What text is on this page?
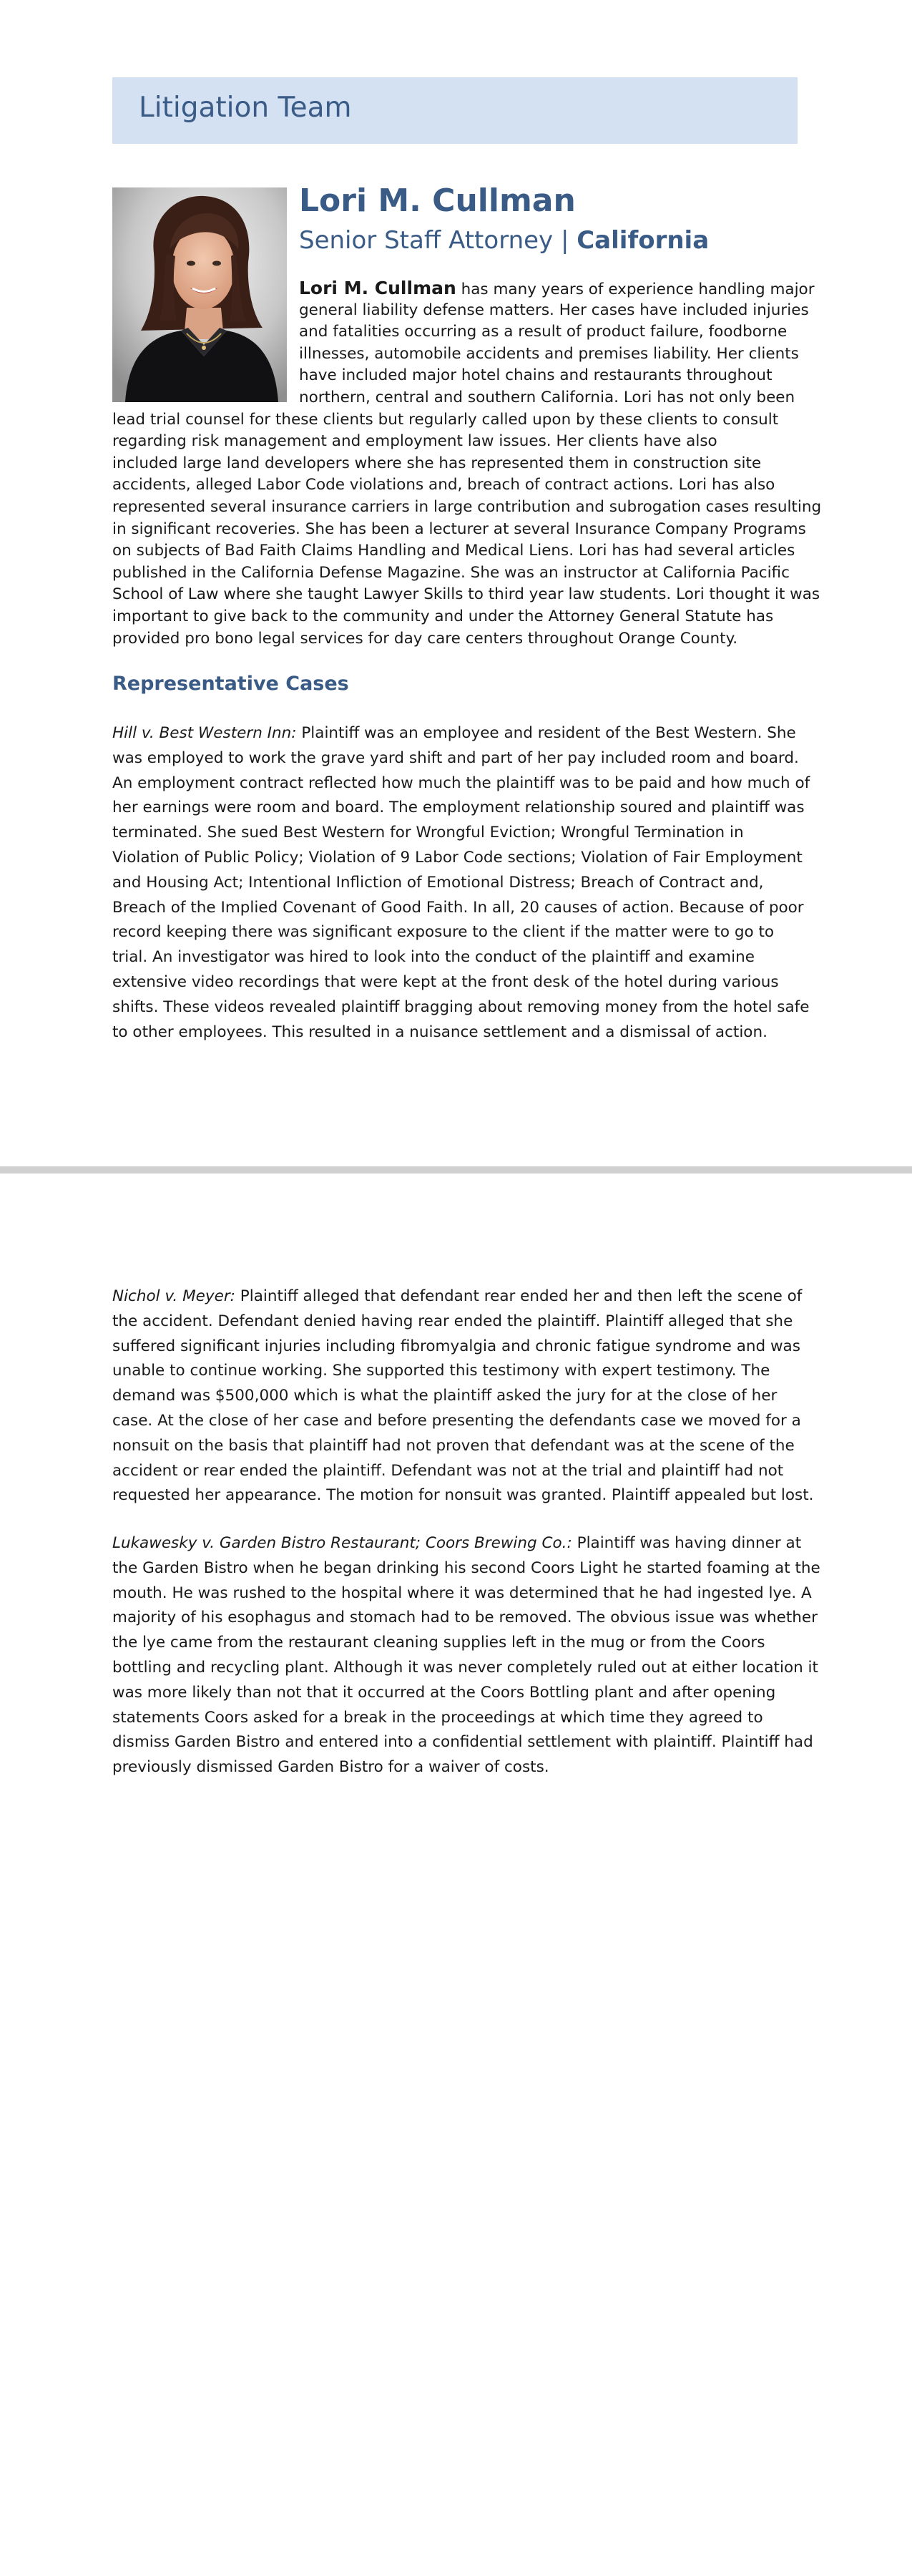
Litigation Team
Lori M. Cullman
Senior Staff Attorney | California
Lori M. Cullman has many years of experience handling major
general liability defense matters. Her cases have included injuries
and fatalities occurring as a result of product failure, foodborne
illnesses, automobile accidents and premises liability. Her clients
have included major hotel chains and restaurants throughout
northern, central and southern California. Lori has not only been
lead trial counsel for these clients but regularly called upon by these clients to consult
regarding risk management and employment law issues. Her clients have also
included large land developers where she has represented them in construction site
accidents, alleged Labor Code violations and, breach of contract actions. Lori has also
represented several insurance carriers in large contribution and subrogation cases resulting
in significant recoveries. She has been a lecturer at several Insurance Company Programs
on subjects of Bad Faith Claims Handling and Medical Liens. Lori has had several articles
published in the California Defense Magazine. She was an instructor at California Pacific
School of Law where she taught Lawyer Skills to third year law students. Lori thought it was
important to give back to the community and under the Attorney General Statute has
provided pro bono legal services for day care centers throughout Orange County.
Representative Cases
Hill v. Best Western Inn: Plaintiff was an employee and resident of the Best Western. She
was employed to work the grave yard shift and part of her pay included room and board.
An employment contract reflected how much the plaintiff was to be paid and how much of
her earnings were room and board. The employment relationship soured and plaintiff was
terminated. She sued Best Western for Wrongful Eviction; Wrongful Termination in
Violation of Public Policy; Violation of 9 Labor Code sections; Violation of Fair Employment
and Housing Act; Intentional Infliction of Emotional Distress; Breach of Contract and,
Breach of the Implied Covenant of Good Faith. In all, 20 causes of action. Because of poor
record keeping there was significant exposure to the client if the matter were to go to
trial. An investigator was hired to look into the conduct of the plaintiff and examine
extensive video recordings that were kept at the front desk of the hotel during various
shifts. These videos revealed plaintiff bragging about removing money from the hotel safe
to other employees. This resulted in a nuisance settlement and a dismissal of action.
Nichol v. Meyer: Plaintiff alleged that defendant rear ended her and then left the scene of
the accident. Defendant denied having rear ended the plaintiff. Plaintiff alleged that she
suffered significant injuries including fibromyalgia and chronic fatigue syndrome and was
unable to continue working. She supported this testimony with expert testimony. The
demand was $500,000 which is what the plaintiff asked the jury for at the close of her
case. At the close of her case and before presenting the defendants case we moved for a
nonsuit on the basis that plaintiff had not proven that defendant was at the scene of the
accident or rear ended the plaintiff. Defendant was not at the trial and plaintiff had not
requested her appearance. The motion for nonsuit was granted. Plaintiff appealed but lost.
Lukawesky v. Garden Bistro Restaurant; Coors Brewing Co.: Plaintiff was having dinner at
the Garden Bistro when he began drinking his second Coors Light he started foaming at the
mouth. He was rushed to the hospital where it was determined that he had ingested lye. A
majority of his esophagus and stomach had to be removed. The obvious issue was whether
the lye came from the restaurant cleaning supplies left in the mug or from the Coors
bottling and recycling plant. Although it was never completely ruled out at either location it
was more likely than not that it occurred at the Coors Bottling plant and after opening
statements Coors asked for a break in the proceedings at which time they agreed to
dismiss Garden Bistro and entered into a confidential settlement with plaintiff. Plaintiff had
previously dismissed Garden Bistro for a waiver of costs.
